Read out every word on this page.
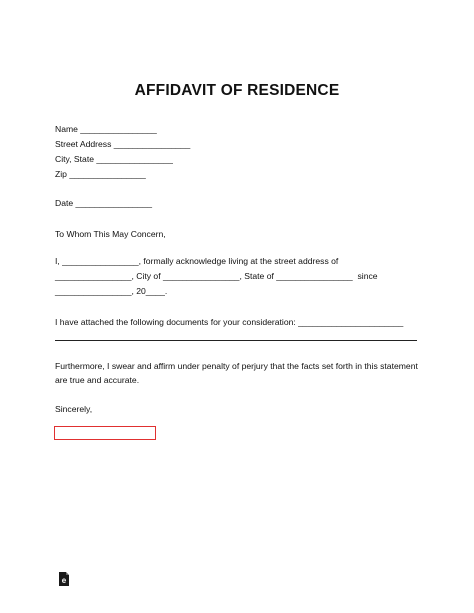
AFFIDAVIT OF RESIDENCE
Name ________________
Street Address ________________
City, State ________________
Zip ________________
Date ________________
To Whom This May Concern,
I, ________________, formally acknowledge living at the street address of
________________, City of ________________, State of ________________  since
________________, 20____.
I have attached the following documents for your consideration: ______________________
Furthermore, I swear and affirm under penalty of perjury that the facts set forth in this statement
are true and accurate.
Sincerely,
e
